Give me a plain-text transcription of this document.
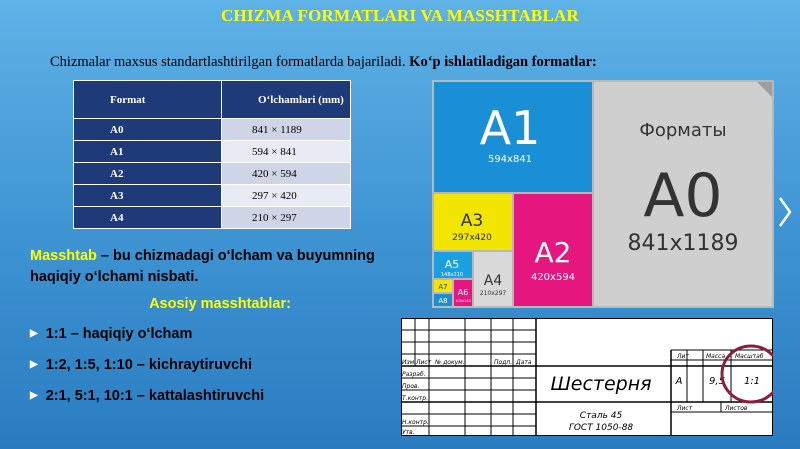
CHIZMA FORMATLARI VA MASSHTABLAR
Chizmalar maxsus standartlashtirilgan formatlarda bajariladi. Ko‘p ishlatiladigan formatlar:
Format	O‘lchamlari (mm)
A0	841 × 1189
A1	594 × 841
A2	420 × 594
A3	297 × 420
A4	210 × 297
Masshtab – bu chizmadagi o‘lcham va buyumning haqiqiy o‘lchami nisbati.
Asosiy masshtablar:
▶ 1:1 – haqiqiy o‘lcham
▶ 1:2, 1:5, 1:10 – kichraytiruvchi
▶ 2:1, 5:1, 10:1 – kattalashtiruvchi
Форматы
A0
841x1189
A1
594x841
A2
420x594
A3
297x420
A4
210x297
A5
148x210
A6
105x148
A7
A8
Изм Лист № докум.	Подп. Дата
Разраб.
Пров.
Т.контр.
Н.контр.
Утв.
Лит	Масса Масштаб
Лист	Листов
Шестерня
Сталь 45
ГОСТ 1050-88
А	9,5 1:1
